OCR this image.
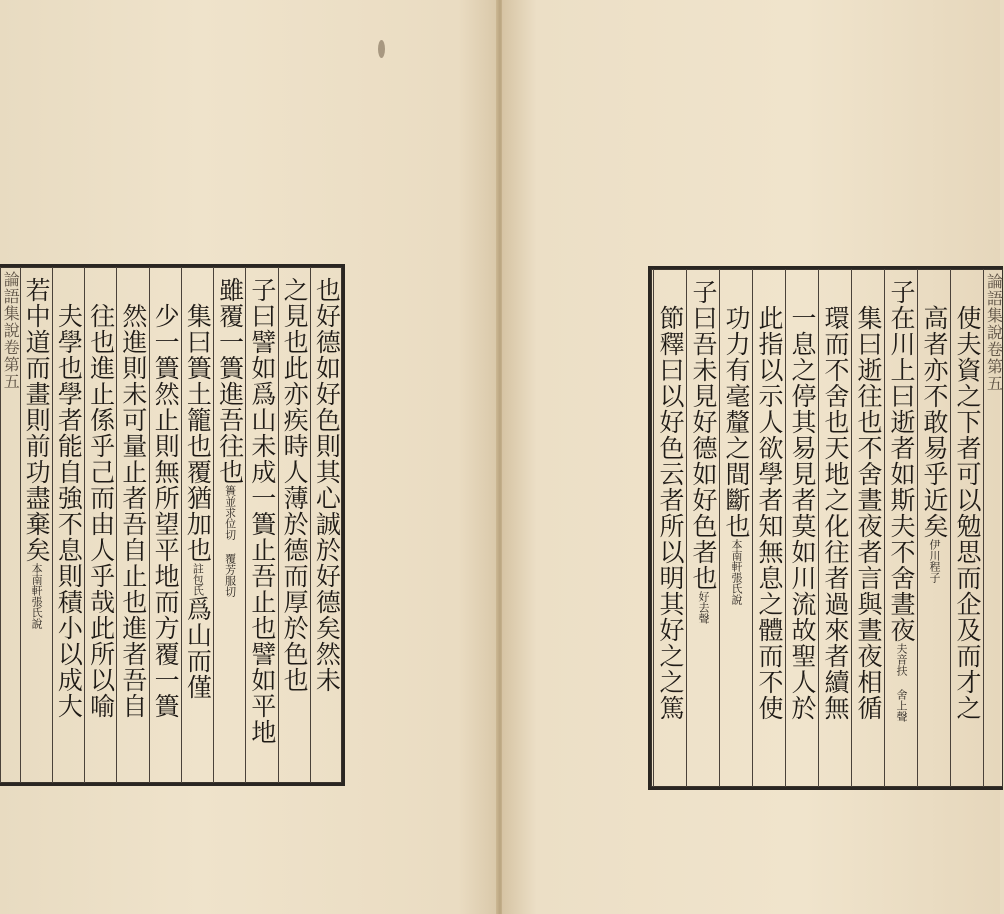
也好德如好色則其心誠於好德矣然未
之見也此亦疾時人薄於德而厚於色也
子曰譬如爲山未成一簣止吾止也譬如平地
雖覆一簣進吾往也簣並求位切 覆芳服切
集曰簣土籠也覆猶加也註包氏爲山而僅
少一簣然止則無所望平地而方覆一簣
然進則未可量止者吾自止也進者吾自
往也進止係乎己而由人乎哉此所以喻
夫學也學者能自強不息則積小以成大
若中道而畫則前功盡棄矣本南軒張氏說
論語集說卷第五	論語集說卷第五
使夫資之下者可以勉思而企及而才之
高者亦不敢易乎近矣伊川程子
子在川上曰逝者如斯夫不舍晝夜夫音扶 舍上聲
集曰逝往也不舍晝夜者言與晝夜相循
環而不舍也天地之化往者過來者續無
一息之停其易見者莫如川流故聖人於
此指以示人欲學者知無息之體而不使
功力有毫釐之間斷也本南軒張氏說
子曰吾未見好德如好色者也好去聲
節釋曰以好色云者所以明其好之之篤
